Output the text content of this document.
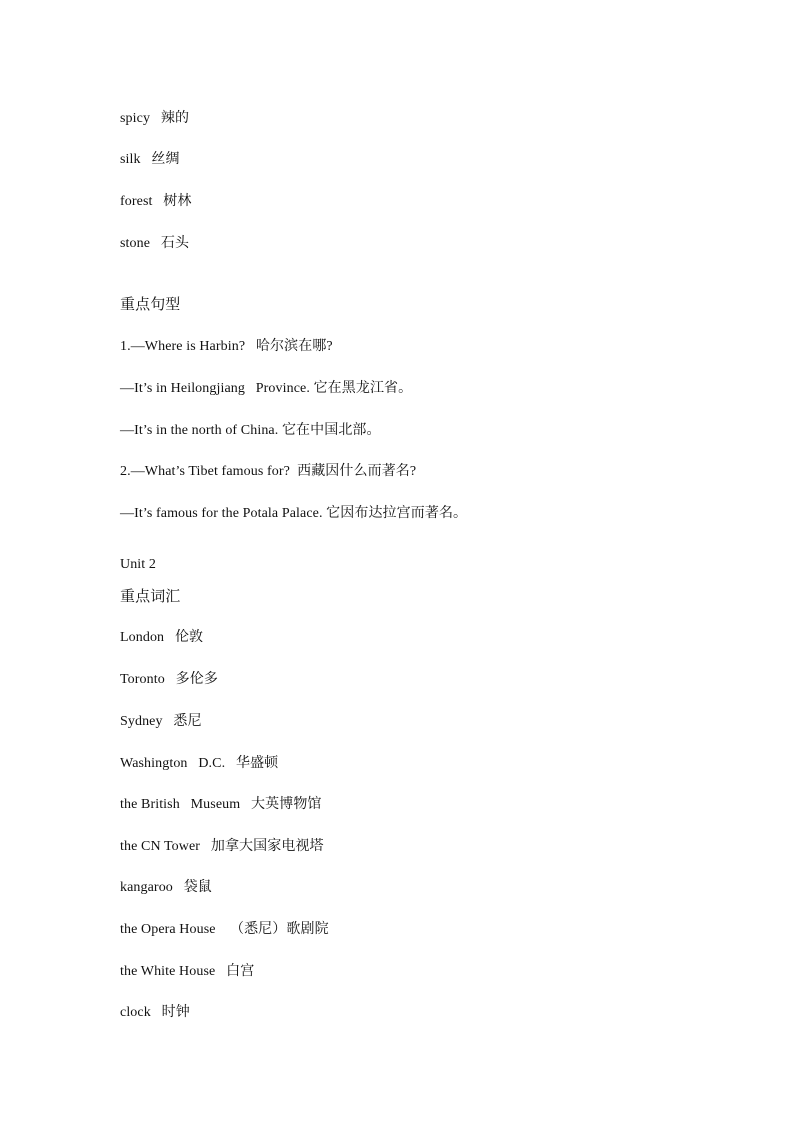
spicy   辣的
silk   丝绸
forest   树林
stone   石头
重点句型
1.—Where is Harbin?   哈尔滨在哪?
—It’s in Heilongjiang   Province. 它在黑龙江省。
—It’s in the north of China. 它在中国北部。
2.—What’s Tibet famous for?  西藏因什么而著名?
—It’s famous for the Potala Palace. 它因布达拉宫而著名。
Unit 2
重点词汇
London   伦敦
Toronto   多伦多
Sydney   悉尼
Washington   D.C.   华盛顿
the British   Museum   大英博物馆
the CN Tower   加拿大国家电视塔
kangaroo   袋鼠
the Opera House    （悉尼）歌剧院
the White House   白宫
clock   时钟
